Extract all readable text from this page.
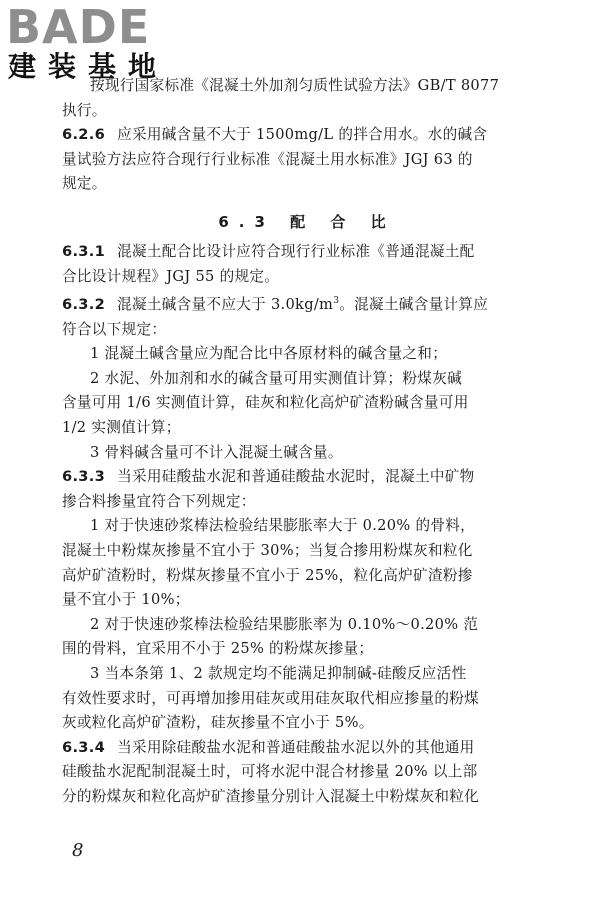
BADE
建装基地
按现行国家标准《混凝土外加剂匀质性试验方法》GB/T 8077
执行。
6.2.6 应采用碱含量不大于 1500mg/L 的拌合用水。水的碱含
量试验方法应符合现行行业标准《混凝土用水标准》JGJ 63 的
规定。
6.3 配 合 比
6.3.1 混凝土配合比设计应符合现行行业标准《普通混凝土配
合比设计规程》JGJ 55 的规定。
6.3.2 混凝土碱含量不应大于 $3.0kg/m^3$。混凝土碱含量计算应
符合以下规定：
1 混凝土碱含量应为配合比中各原材料的碱含量之和；
2 水泥、外加剂和水的碱含量可用实测值计算；粉煤灰碱
含量可用 1/6 实测值计算，硅灰和粒化高炉矿渣粉碱含量可用
1/2 实测值计算；
3 骨料碱含量可不计入混凝土碱含量。
6.3.3 当采用硅酸盐水泥和普通硅酸盐水泥时，混凝土中矿物
掺合料掺量宜符合下列规定：
1 对于快速砂浆棒法检验结果膨胀率大于 0.20% 的骨料，
混凝土中粉煤灰掺量不宜小于 30%；当复合掺用粉煤灰和粒化
高炉矿渣粉时，粉煤灰掺量不宜小于 25%，粒化高炉矿渣粉掺
量不宜小于 10%；
2 对于快速砂浆棒法检验结果膨胀率为 0.10%～0.20% 范
围的骨料，宜采用不小于 25% 的粉煤灰掺量；
3 当本条第 1、2 款规定均不能满足抑制碱-硅酸反应活性
有效性要求时，可再增加掺用硅灰或用硅灰取代相应掺量的粉煤
灰或粒化高炉矿渣粉，硅灰掺量不宜小于 5%。
6.3.4 当采用除硅酸盐水泥和普通硅酸盐水泥以外的其他通用
硅酸盐水泥配制混凝土时，可将水泥中混合材掺量 20% 以上部
分的粉煤灰和粒化高炉矿渣掺量分别计入混凝土中粉煤灰和粒化
8
